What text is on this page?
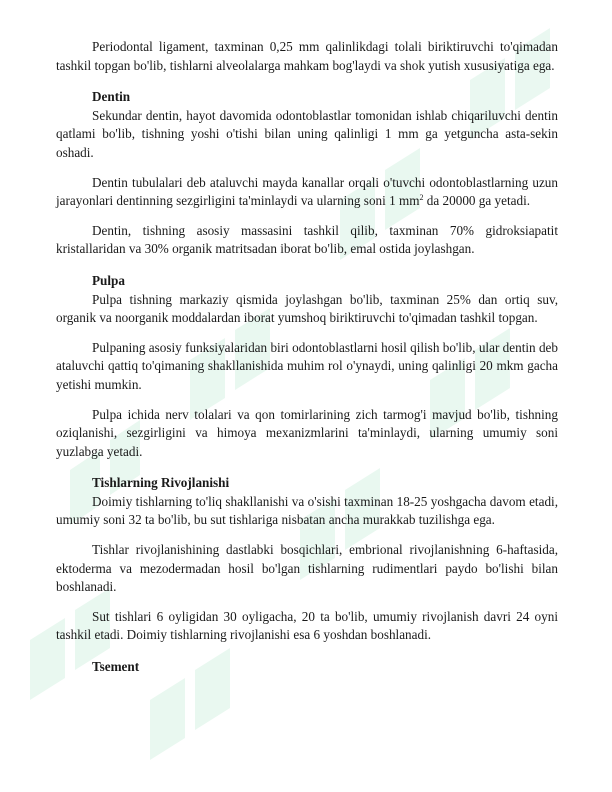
Periodontal ligament, taxminan 0,25 mm qalinlikdagi tolali biriktiruvchi to'qimadan tashkil topgan bo'lib, tishlarni alveolalarga mahkam bog'laydi va shok yutish xususiyatiga ega.

Dentin

Sekundar dentin, hayot davomida odontoblastlar tomonidan ishlab chiqariluvchi dentin qatlami bo'lib, tishning yoshi o'tishi bilan uning qalinligi 1 mm ga yetguncha asta-sekin oshadi.

Dentin tubulalari deb ataluvchi mayda kanallar orqali o'tuvchi odontoblastlarning uzun jarayonlari dentinning sezgirligini ta'minlaydi va ularning soni 1 $mm^2$ da 20000 ga yetadi.

Dentin, tishning asosiy massasini tashkil qilib, taxminan 70% gidroksiapatit kristallaridan va 30% organik matritsadan iborat bo'lib, emal ostida joylashgan.

Pulpa

Pulpa tishning markaziy qismida joylashgan bo'lib, taxminan 25% dan ortiq suv, organik va noorganik moddalardan iborat yumshoq biriktiruvchi to'qimadan tashkil topgan.

Pulpaning asosiy funksiyalaridan biri odontoblastlarni hosil qilish bo'lib, ular dentin deb ataluvchi qattiq to'qimaning shakllanishida muhim rol o'ynaydi, uning qalinligi 20 mkm gacha yetishi mumkin.

Pulpa ichida nerv tolalari va qon tomirlarining zich tarmog'i mavjud bo'lib, tishning oziqlanishi, sezgirligini va himoya mexanizmlarini ta'minlaydi, ularning umumiy soni yuzlabga yetadi.

Tishlarning Rivojlanishi

Doimiy tishlarning to'liq shakllanishi va o'sishi taxminan 18-25 yoshgacha davom etadi, umumiy soni 32 ta bo'lib, bu sut tishlariga nisbatan ancha murakkab tuzilishga ega.

Tishlar rivojlanishining dastlabki bosqichlari, embrional rivojlanishning 6-haftasida, ektoderma va mezodermadan hosil bo'lgan tishlarning rudimentlari paydo bo'lishi bilan boshlanadi.

Sut tishlari 6 oyligidan 30 oyligacha, 20 ta bo'lib, umumiy rivojlanish davri 24 oyni tashkil etadi. Doimiy tishlarning rivojlanishi esa 6 yoshdan boshlanadi.

Tsement
